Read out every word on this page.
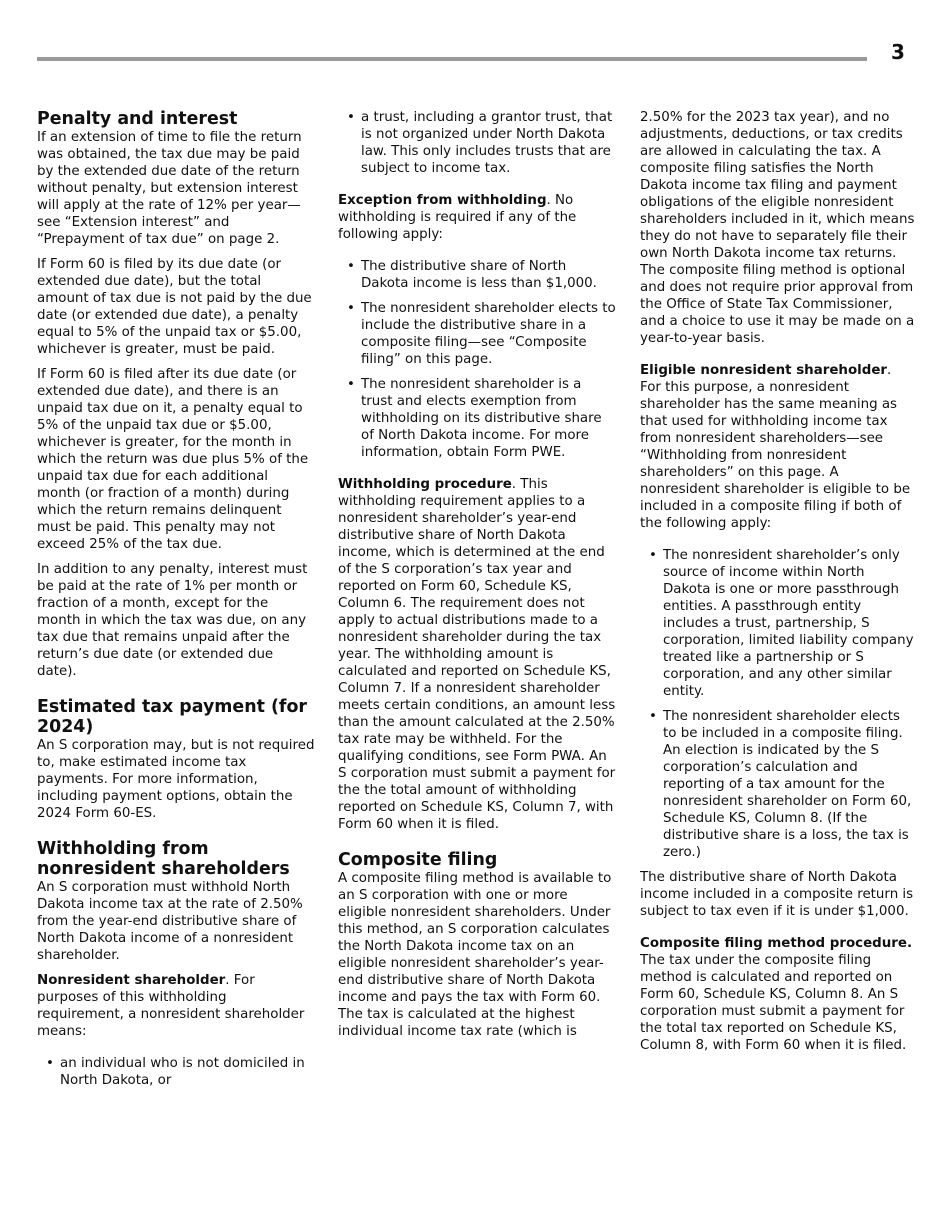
3
Penalty and interest

If an extension of time to file the return was obtained, the tax due may be paid by the extended due date of the return without penalty, but extension interest will apply at the rate of 12% per year—see “Extension interest” and “Prepayment of tax due” on page 2.

If Form 60 is filed by its due date (or extended due date), but the total amount of tax due is not paid by the due date (or extended due date), a penalty equal to 5% of the unpaid tax or $5.00, whichever is greater, must be paid.

If Form 60 is filed after its due date (or extended due date), and there is an unpaid tax due on it, a penalty equal to 5% of the unpaid tax due or $5.00, whichever is greater, for the month in which the return was due plus 5% of the unpaid tax due for each additional month (or fraction of a month) during which the return remains delinquent must be paid. This penalty may not exceed 25% of the tax due.

In addition to any penalty, interest must be paid at the rate of 1% per month or fraction of a month, except for the month in which the tax was due, on any tax due that remains unpaid after the return’s due date (or extended due date).

Estimated tax payment (for 2024)

An S corporation may, but is not required to, make estimated income tax payments. For more information, including payment options, obtain the 2024 Form 60-ES.

Withholding from nonresident shareholders

An S corporation must withhold North Dakota income tax at the rate of 2.50% from the year-end distributive share of North Dakota income of a nonresident shareholder.

Nonresident shareholder. For purposes of this withholding requirement, a nonresident shareholder means:

• an individual who is not domiciled in North Dakota, or
• a trust, including a grantor trust, that is not organized under North Dakota law. This only includes trusts that are subject to income tax.

Exception from withholding. No withholding is required if any of the following apply:

• The distributive share of North Dakota income is less than $1,000.
• The nonresident shareholder elects to include the distributive share in a composite filing—see “Composite filing” on this page.
• The nonresident shareholder is a trust and elects exemption from withholding on its distributive share of North Dakota income. For more information, obtain Form PWE.

Withholding procedure. This withholding requirement applies to a nonresident shareholder’s year-end distributive share of North Dakota income, which is determined at the end of the S corporation’s tax year and reported on Form 60, Schedule KS, Column 6. The requirement does not apply to actual distributions made to a nonresident shareholder during the tax year. The withholding amount is calculated and reported on Schedule KS, Column 7. If a nonresident shareholder meets certain conditions, an amount less than the amount calculated at the 2.50% tax rate may be withheld. For the qualifying conditions, see Form PWA. An S corporation must submit a payment for the the total amount of withholding reported on Schedule KS, Column 7, with Form 60 when it is filed.

Composite filing

A composite filing method is available to an S corporation with one or more eligible nonresident shareholders. Under this method, an S corporation calculates the North Dakota income tax on an eligible nonresident shareholder’s year-end distributive share of North Dakota income and pays the tax with Form 60. The tax is calculated at the highest individual income tax rate (which is

2.50% for the 2023 tax year), and no adjustments, deductions, or tax credits are allowed in calculating the tax. A composite filing satisfies the North Dakota income tax filing and payment obligations of the eligible nonresident shareholders included in it, which means they do not have to separately file their own North Dakota income tax returns. The composite filing method is optional and does not require prior approval from the Office of State Tax Commissioner, and a choice to use it may be made on a year-to-year basis.

Eligible nonresident shareholder. For this purpose, a nonresident shareholder has the same meaning as that used for withholding income tax from nonresident shareholders—see “Withholding from nonresident shareholders” on this page. A nonresident shareholder is eligible to be included in a composite filing if both of the following apply:

• The nonresident shareholder’s only source of income within North Dakota is one or more passthrough entities. A passthrough entity includes a trust, partnership, S corporation, limited liability company treated like a partnership or S corporation, and any other similar entity.
• The nonresident shareholder elects to be included in a composite filing. An election is indicated by the S corporation’s calculation and reporting of a tax amount for the nonresident shareholder on Form 60, Schedule KS, Column 8. (If the distributive share is a loss, the tax is zero.)

The distributive share of North Dakota income included in a composite return is subject to tax even if it is under $1,000.

Composite filing method procedure. The tax under the composite filing method is calculated and reported on Form 60, Schedule KS, Column 8. An S corporation must submit a payment for the total tax reported on Schedule KS, Column 8, with Form 60 when it is filed.
